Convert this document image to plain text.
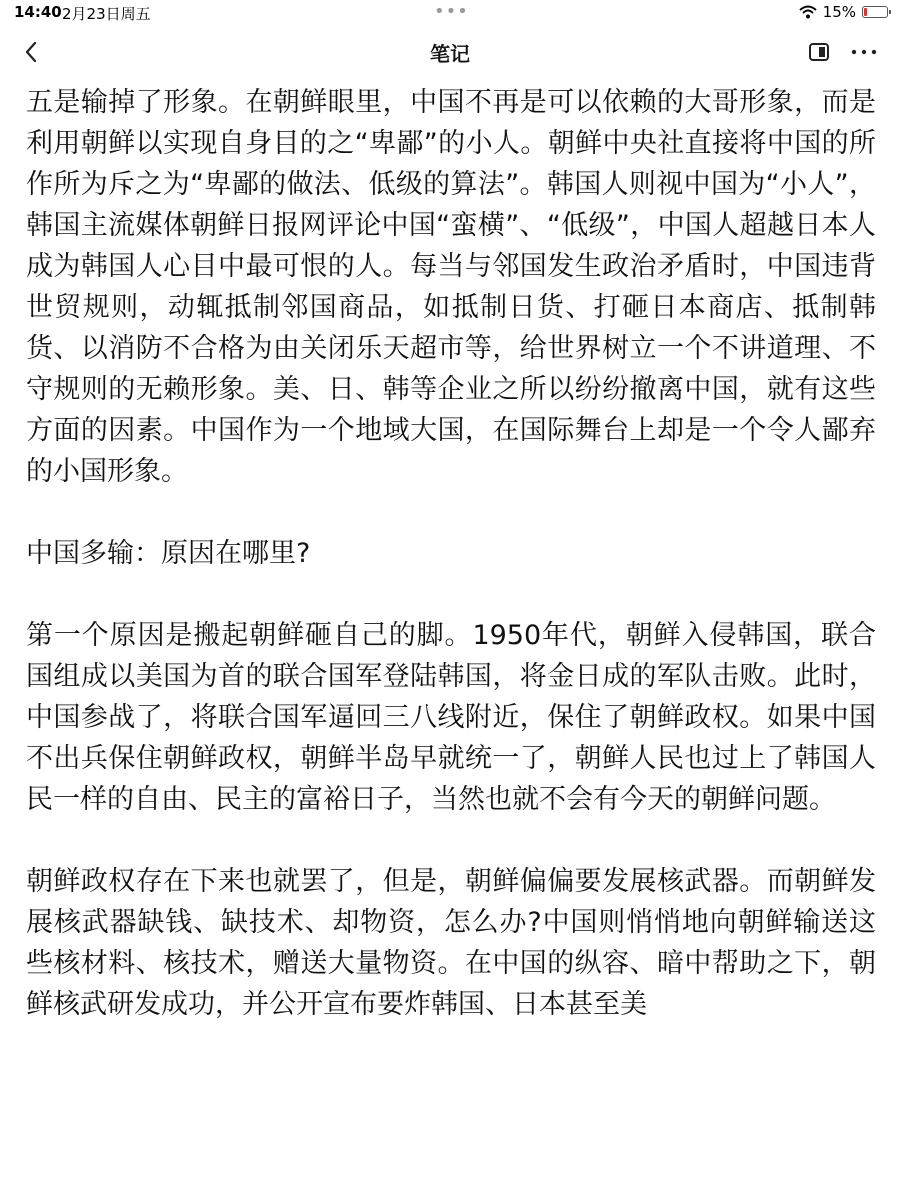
14:40 2月23日周五	•••	15%
笔记

五是输掉了形象。在朝鲜眼里，中国不再是可以依赖的大哥形象，而是利用朝鲜以实现自身目的之“卑鄙”的小人。朝鲜中央社直接将中国的所作所为斥之为“卑鄙的做法、低级的算法”。韩国人则视中国为“小人”，韩国主流媒体朝鲜日报网评论中国“蛮横”、“低级”，中国人超越日本人成为韩国人心目中最可恨的人。每当与邻国发生政治矛盾时，中国违背世贸规则，动辄抵制邻国商品，如抵制日货、打砸日本商店、抵制韩货、以消防不合格为由关闭乐天超市等，给世界树立一个不讲道理、不守规则的无赖形象。美、日、韩等企业之所以纷纷撤离中国，就有这些方面的因素。中国作为一个地域大国，在国际舞台上却是一个令人鄙弃的小国形象。

中国多输：原因在哪里?

第一个原因是搬起朝鲜砸自己的脚。1950年代，朝鲜入侵韩国，联合国组成以美国为首的联合国军登陆韩国，将金日成的军队击败。此时，中国参战了，将联合国军逼回三八线附近，保住了朝鲜政权。如果中国不出兵保住朝鲜政权，朝鲜半岛早就统一了，朝鲜人民也过上了韩国人民一样的自由、民主的富裕日子，当然也就不会有今天的朝鲜问题。

朝鲜政权存在下来也就罢了，但是，朝鲜偏偏要发展核武器。而朝鲜发展核武器缺钱、缺技术、却物资，怎么办?中国则悄悄地向朝鲜输送这些核材料、核技术，赠送大量物资。在中国的纵容、暗中帮助之下，朝鲜核武研发成功，并公开宣布要炸韩国、日本甚至美
